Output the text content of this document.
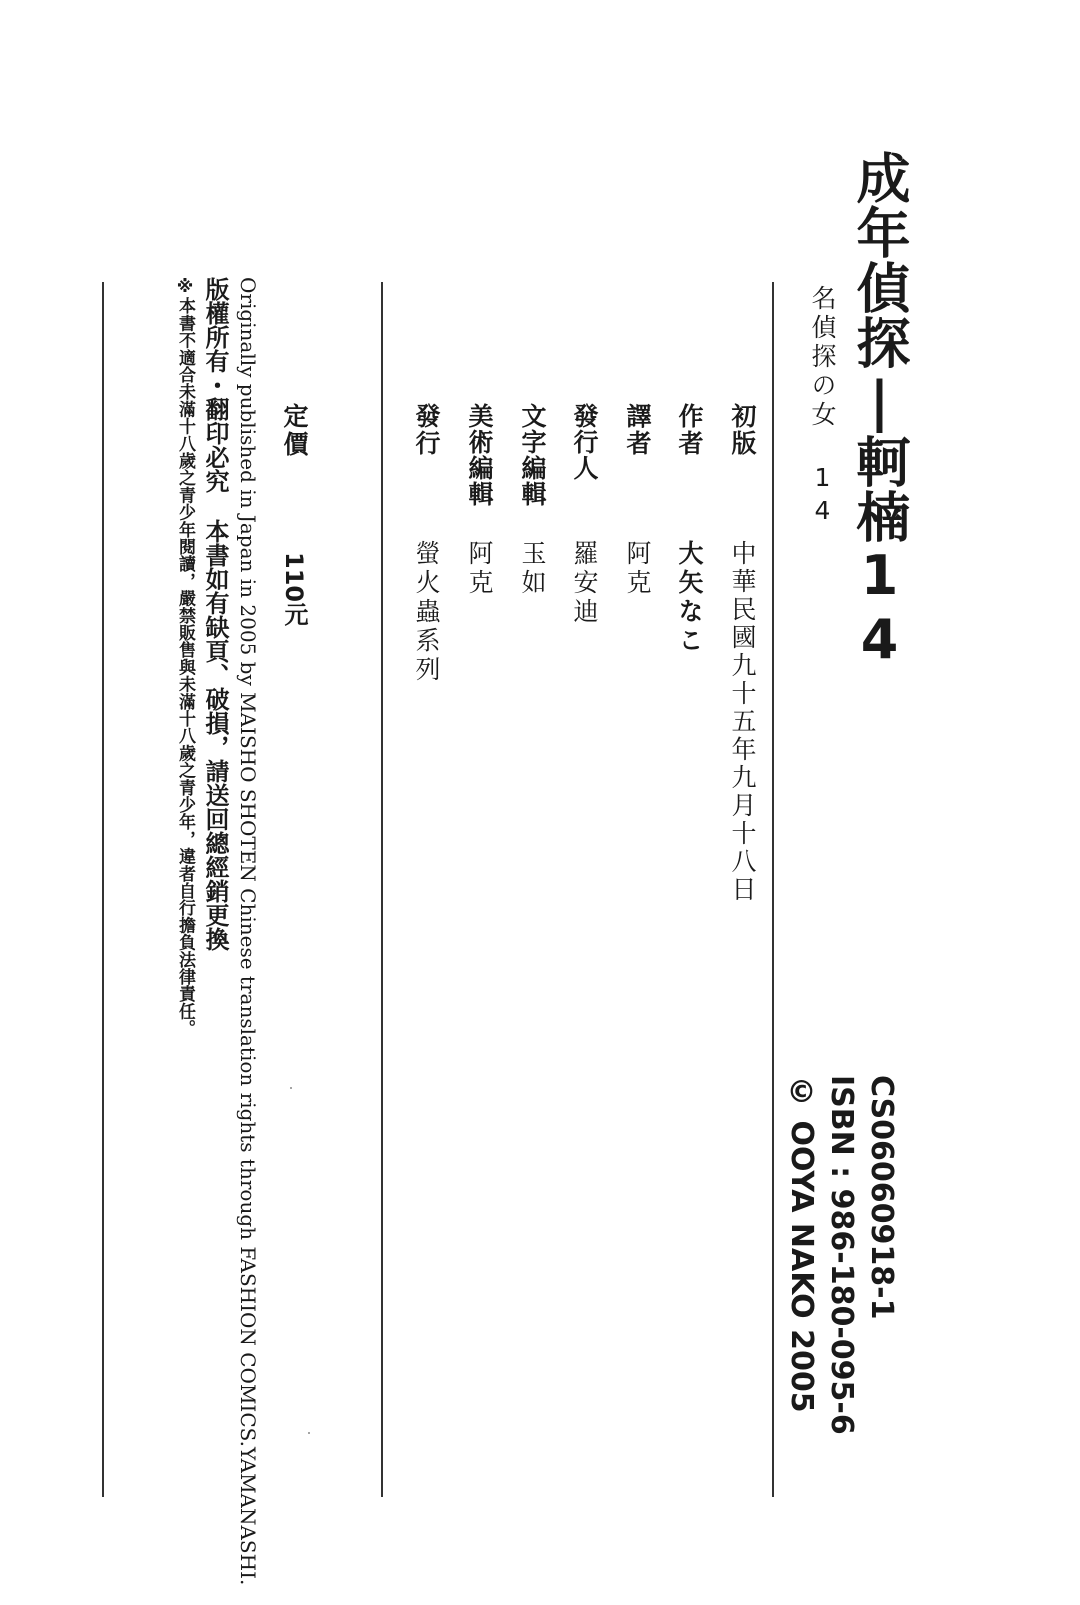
成年偵探|軻楠14
CS06060918-1
ISBN : 986-180-095-6
© OOYA NAKO 2005
名偵探の女 14
初版
作者
譯者
發行人
文字編輯
美術編輯
發行
中華民國九十五年九月十八日
大矢なこ
阿克
羅安迪
玉如
阿克
螢火蟲系列
定價
110元
Originally published in Japan in 2005 by MAISHO SHOTEN Chinese translation rights through FASHION COMICS.YAMANASHI.
版權所有・翻印必究本書如有缺頁、破損，請送回總經銷更換
※本書不適合未滿十八歲之青少年閱讀，嚴禁販售與未滿十八歲之青少年，違者自行擔負法律責任。
